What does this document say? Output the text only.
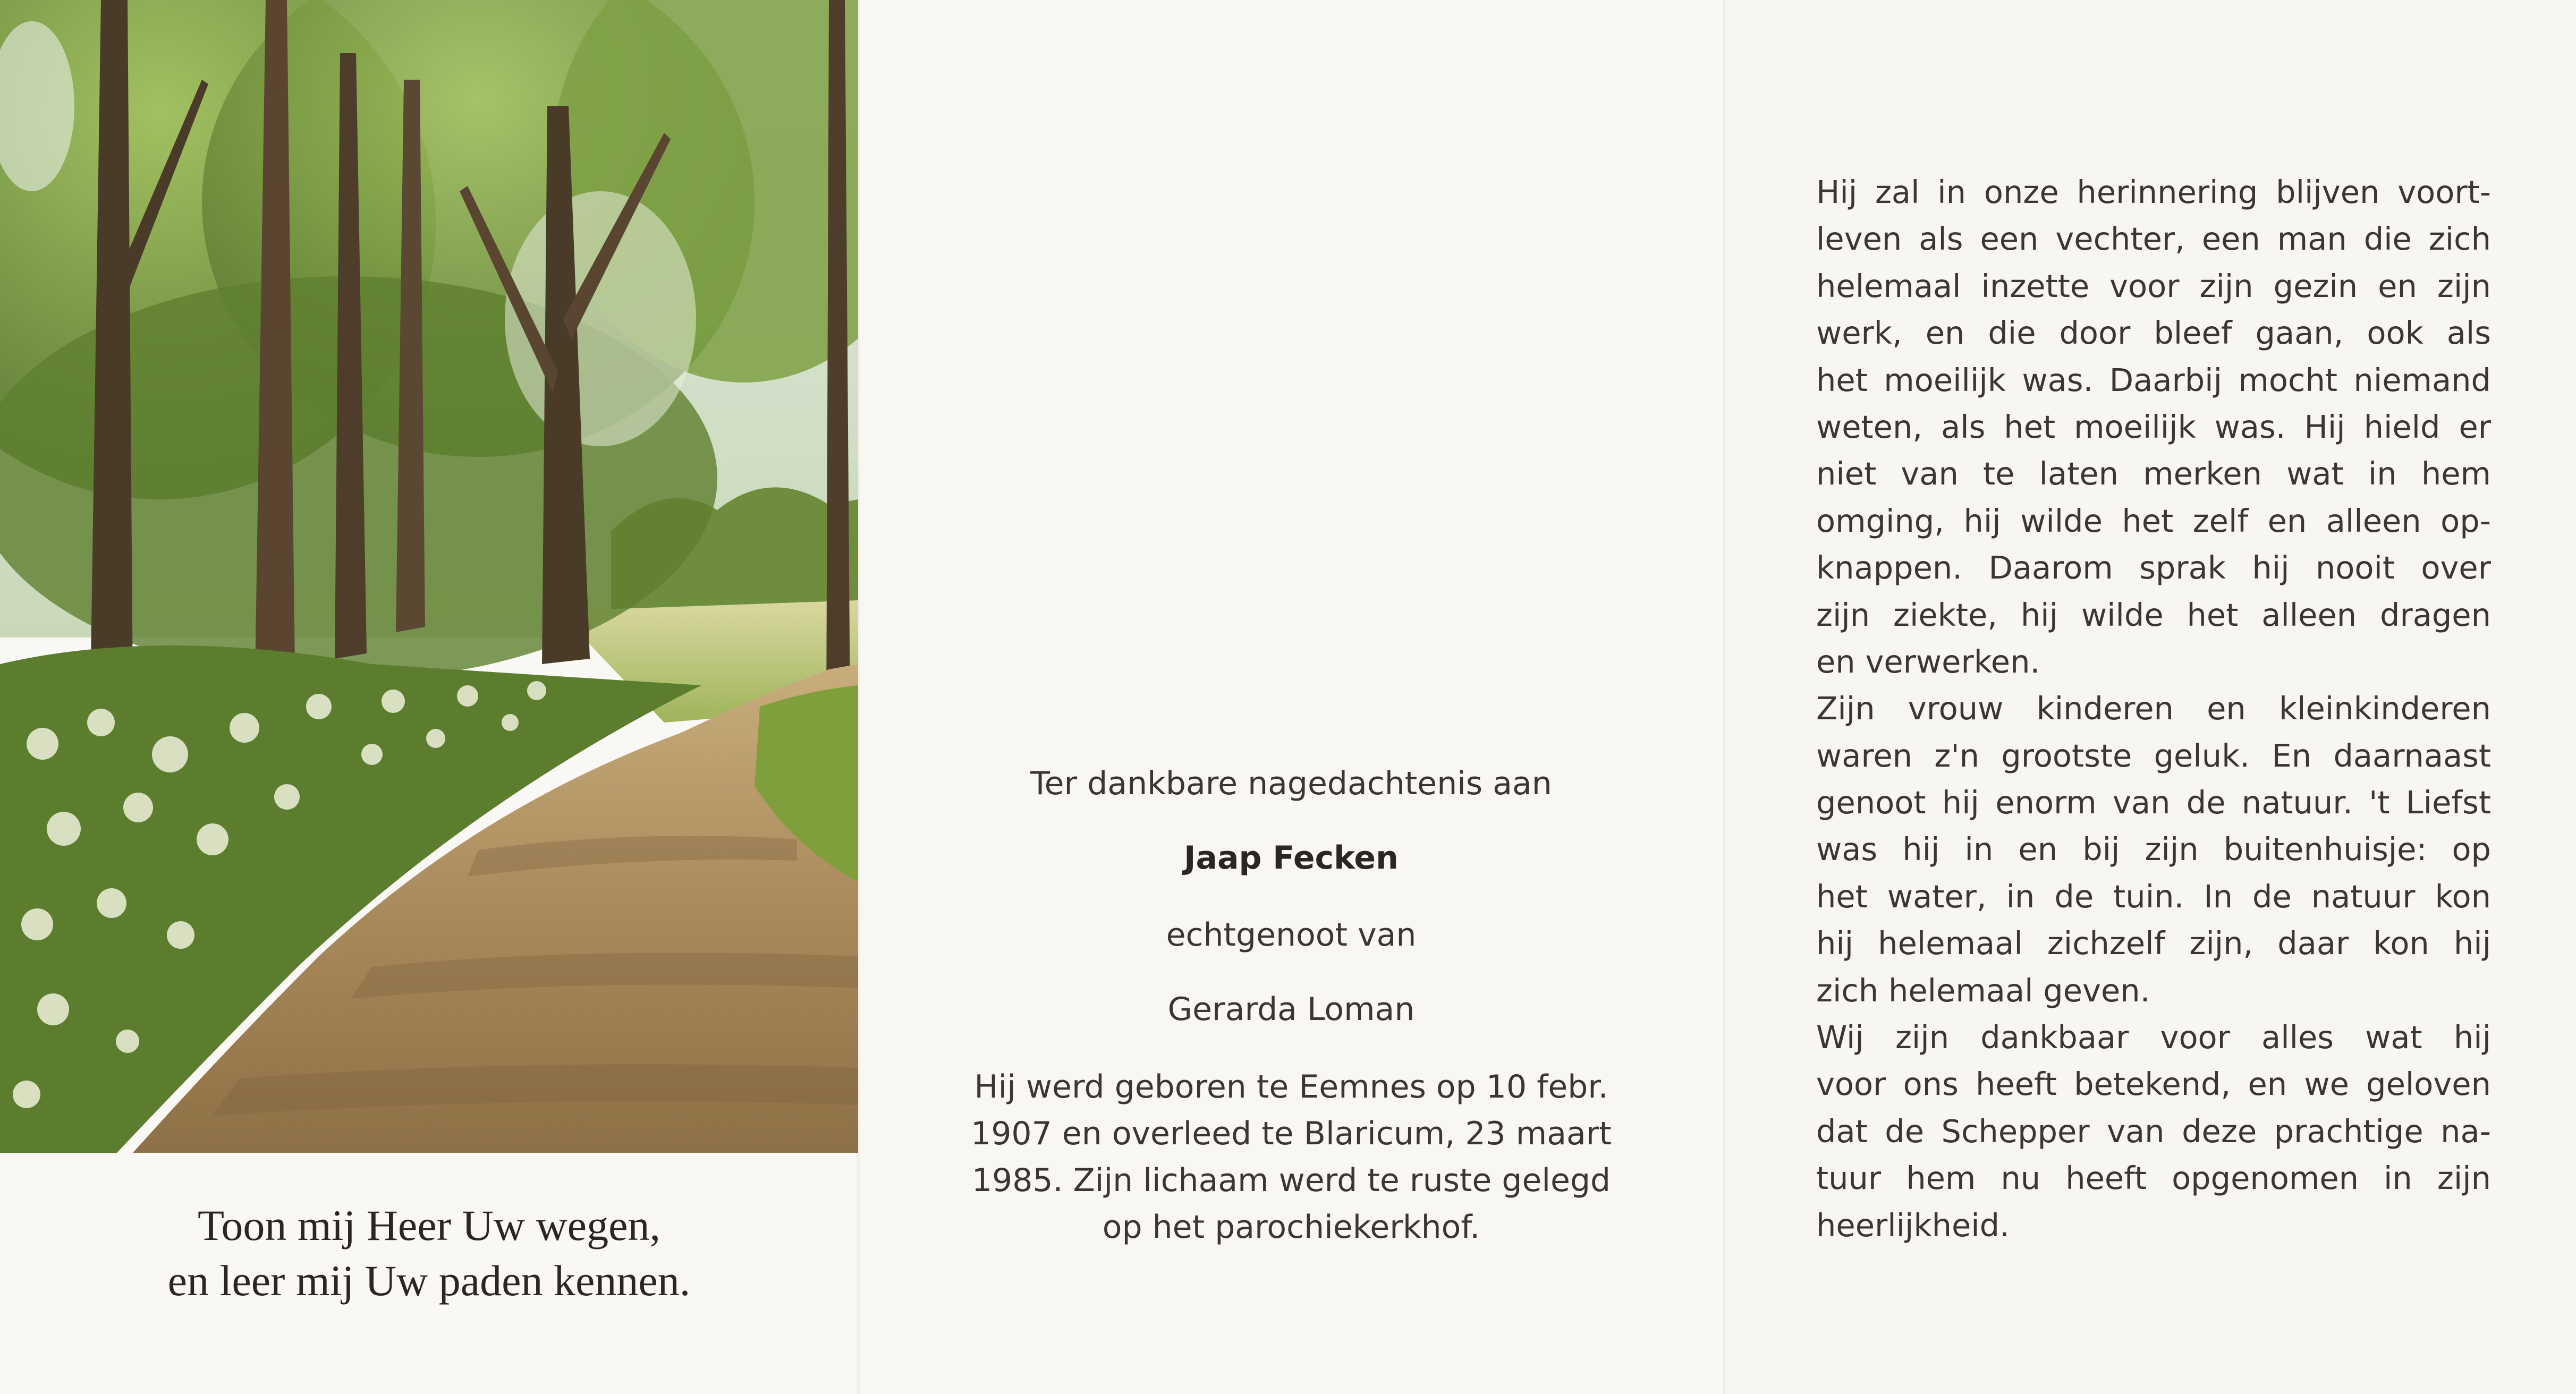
Toon mij Heer Uw wegen,
en leer mij Uw paden kennen.
Ter dankbare nagedachtenis aan
Jaap Fecken
echtgenoot van
Gerarda Loman
Hij werd geboren te Eemnes op 10 febr.
1907 en overleed te Blaricum, 23 maart
1985. Zijn lichaam werd te ruste gelegd
op het parochiekerkhof.
Hij zal in onze herinnering blijven voort-
leven als een vechter, een man die zich
helemaal inzette voor zijn gezin en zijn
werk, en die door bleef gaan, ook als
het moeilijk was. Daarbij mocht niemand
weten, als het moeilijk was. Hij hield er
niet van te laten merken wat in hem
omging, hij wilde het zelf en alleen op-
knappen. Daarom sprak hij nooit over
zijn ziekte, hij wilde het alleen dragen
en verwerken.
Zijn vrouw kinderen en kleinkinderen
waren z'n grootste geluk. En daarnaast
genoot hij enorm van de natuur. 't Liefst
was hij in en bij zijn buitenhuisje: op
het water, in de tuin. In de natuur kon
hij helemaal zichzelf zijn, daar kon hij
zich helemaal geven.
Wij zijn dankbaar voor alles wat hij
voor ons heeft betekend, en we geloven
dat de Schepper van deze prachtige na-
tuur hem nu heeft opgenomen in zijn
heerlijkheid.
